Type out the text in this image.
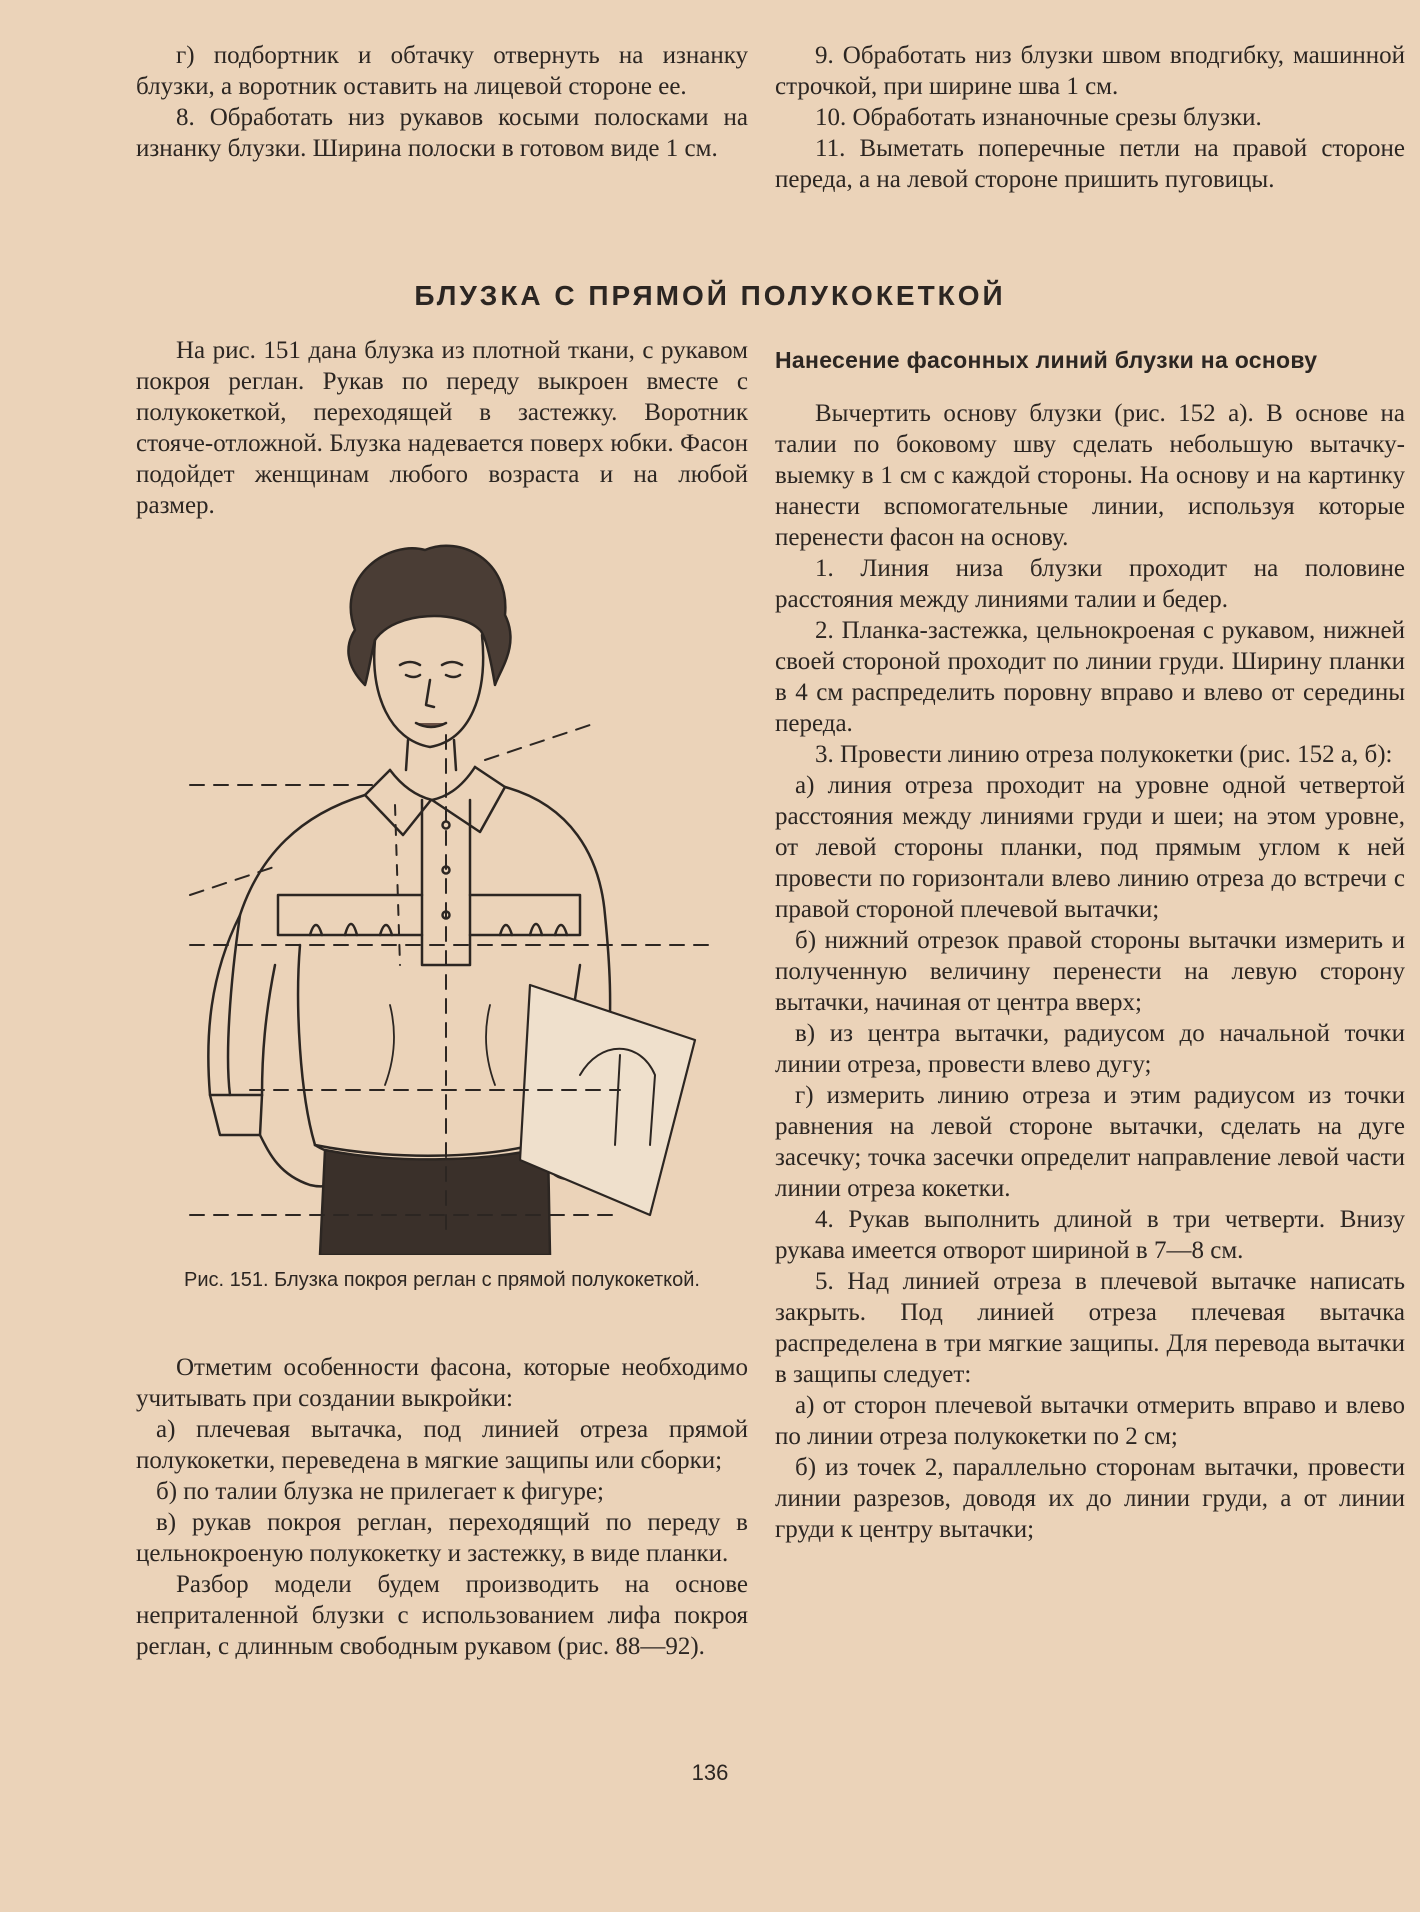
г) подбортник и обтачку отвернуть на изнанку блузки, а воротник оставить на лицевой стороне ее.

8. Обработать низ рукавов косыми полосками на изнанку блузки. Ширина полоски в готовом виде 1 см.

9. Обработать низ блузки швом вподгибку, машинной строчкой, при ширине шва 1 см.

10. Обработать изнаночные срезы блузки.

11. Выметать поперечные петли на правой стороне переда, а на левой стороне пришить пуговицы.

БЛУЗКА С ПРЯМОЙ ПОЛУКОКЕТКОЙ

На рис. 151 дана блузка из плотной ткани, с рукавом покроя реглан. Рукав по переду выкроен вместе с полукокеткой, переходящей в застежку. Воротник стояче-отложной. Блузка надевается поверх юбки. Фасон подойдет женщинам любого возраста и на любой размер.

Рис. 151. Блузка покроя реглан с прямой полукокеткой.

Отметим особенности фасона, которые необходимо учитывать при создании выкройки:

а) плечевая вытачка, под линией отреза прямой полукокетки, переведена в мягкие защипы или сборки;

б) по талии блузка не прилегает к фигуре;

в) рукав покроя реглан, переходящий по переду в цельнокроеную полукокетку и застежку, в виде планки.

Разбор модели будем производить на основе неприталенной блузки с использованием лифа покроя реглан, с длинным свободным рукавом (рис. 88—92).

Нанесение фасонных линий блузки на основу

Вычертить основу блузки (рис. 152 а). В основе на талии по боковому шву сделать небольшую вытачку-выемку в 1 см с каждой стороны. На основу и на картинку нанести вспомогательные линии, используя которые перенести фасон на основу.

1. Линия низа блузки проходит на половине расстояния между линиями талии и бедер.

2. Планка-застежка, цельнокроеная с рукавом, нижней своей стороной проходит по линии груди. Ширину планки в 4 см распределить поровну вправо и влево от середины переда.

3. Провести линию отреза полукокетки (рис. 152 а, б):

а) линия отреза проходит на уровне одной четвертой расстояния между линиями груди и шеи; на этом уровне, от левой стороны планки, под прямым углом к ней провести по горизонтали влево линию отреза до встречи с правой стороной плечевой вытачки;

б) нижний отрезок правой стороны вытачки измерить и полученную величину перенести на левую сторону вытачки, начиная от центра вверх;

в) из центра вытачки, радиусом до начальной точки линии отреза, провести влево дугу;

г) измерить линию отреза и этим радиусом из точки равнения на левой стороне вытачки, сделать на дуге засечку; точка засечки определит направление левой части линии отреза кокетки.

4. Рукав выполнить длиной в три четверти. Внизу рукава имеется отворот шириной в 7—8 см.

5. Над линией отреза в плечевой вытачке написать закрыть. Под линией отреза плечевая вытачка распределена в три мягкие защипы. Для перевода вытачки в защипы следует:

а) от сторон плечевой вытачки отмерить вправо и влево по линии отреза полукокетки по 2 см;

б) из точек 2, параллельно сторонам вытачки, провести линии разрезов, доводя их до линии груди, а от линии груди к центру вытачки;

136
